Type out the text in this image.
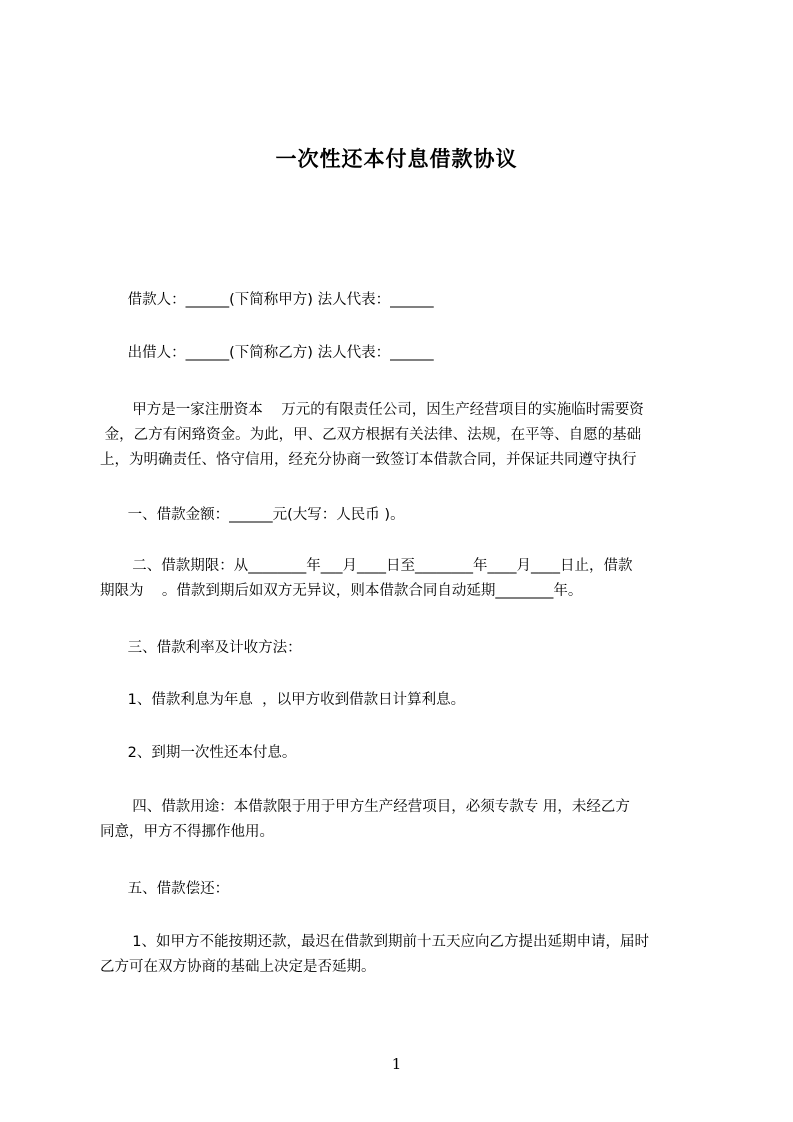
一次性还本付息借款协议
借款人：______(下简称甲方) 法人代表：______
出借人：______(下简称乙方) 法人代表：______
甲方是一家注册资本    万元的有限责任公司，因生产经营项目的实施临时需要资
金，乙方有闲臵资金。为此，甲、乙双方根据有关法律、法规，在平等、自愿的基础
上，为明确责任、恪守信用，经充分协商一致签订本借款合同，并保证共同遵守执行
一、借款金额：______元(大写：人民币 )。
二、借款期限：从________年___月____日至________年____月____日止，借款
期限为    。借款到期后如双方无异议，则本借款合同自动延期________年。
三、借款利率及计收方法：
1、借款利息为年息  ，以甲方收到借款日计算利息。
2、到期一次性还本付息。
四、借款用途：本借款限于用于甲方生产经营项目，必须专款专 用，未经乙方
同意，甲方不得挪作他用。
五、借款偿还：
1、如甲方不能按期还款，最迟在借款到期前十五天应向乙方提出延期申请，届时
乙方可在双方协商的基础上决定是否延期。
1
